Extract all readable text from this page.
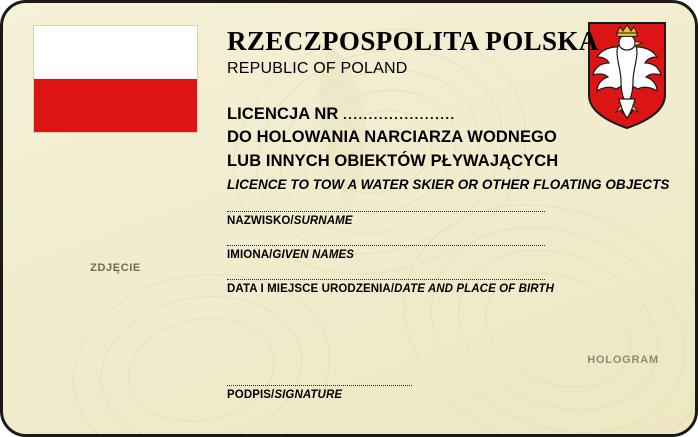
ZDJĘCIE
RZECZPOSPOLITA POLSKA
REPUBLIC OF POLAND
LICENCJA NR ......................
DO HOLOWANIA NARCIARZA WODNEGO
LUB INNYCH OBIEKTÓW PŁYWAJĄCYCH
LICENCE TO TOW A WATER SKIER OR OTHER FLOATING OBJECTS
NAZWISKO/SURNAME
IMIONA/GIVEN NAMES
DATA I MIEJSCE URODZENIA/DATE AND PLACE OF BIRTH
PODPIS/SIGNATURE
HOLOGRAM
